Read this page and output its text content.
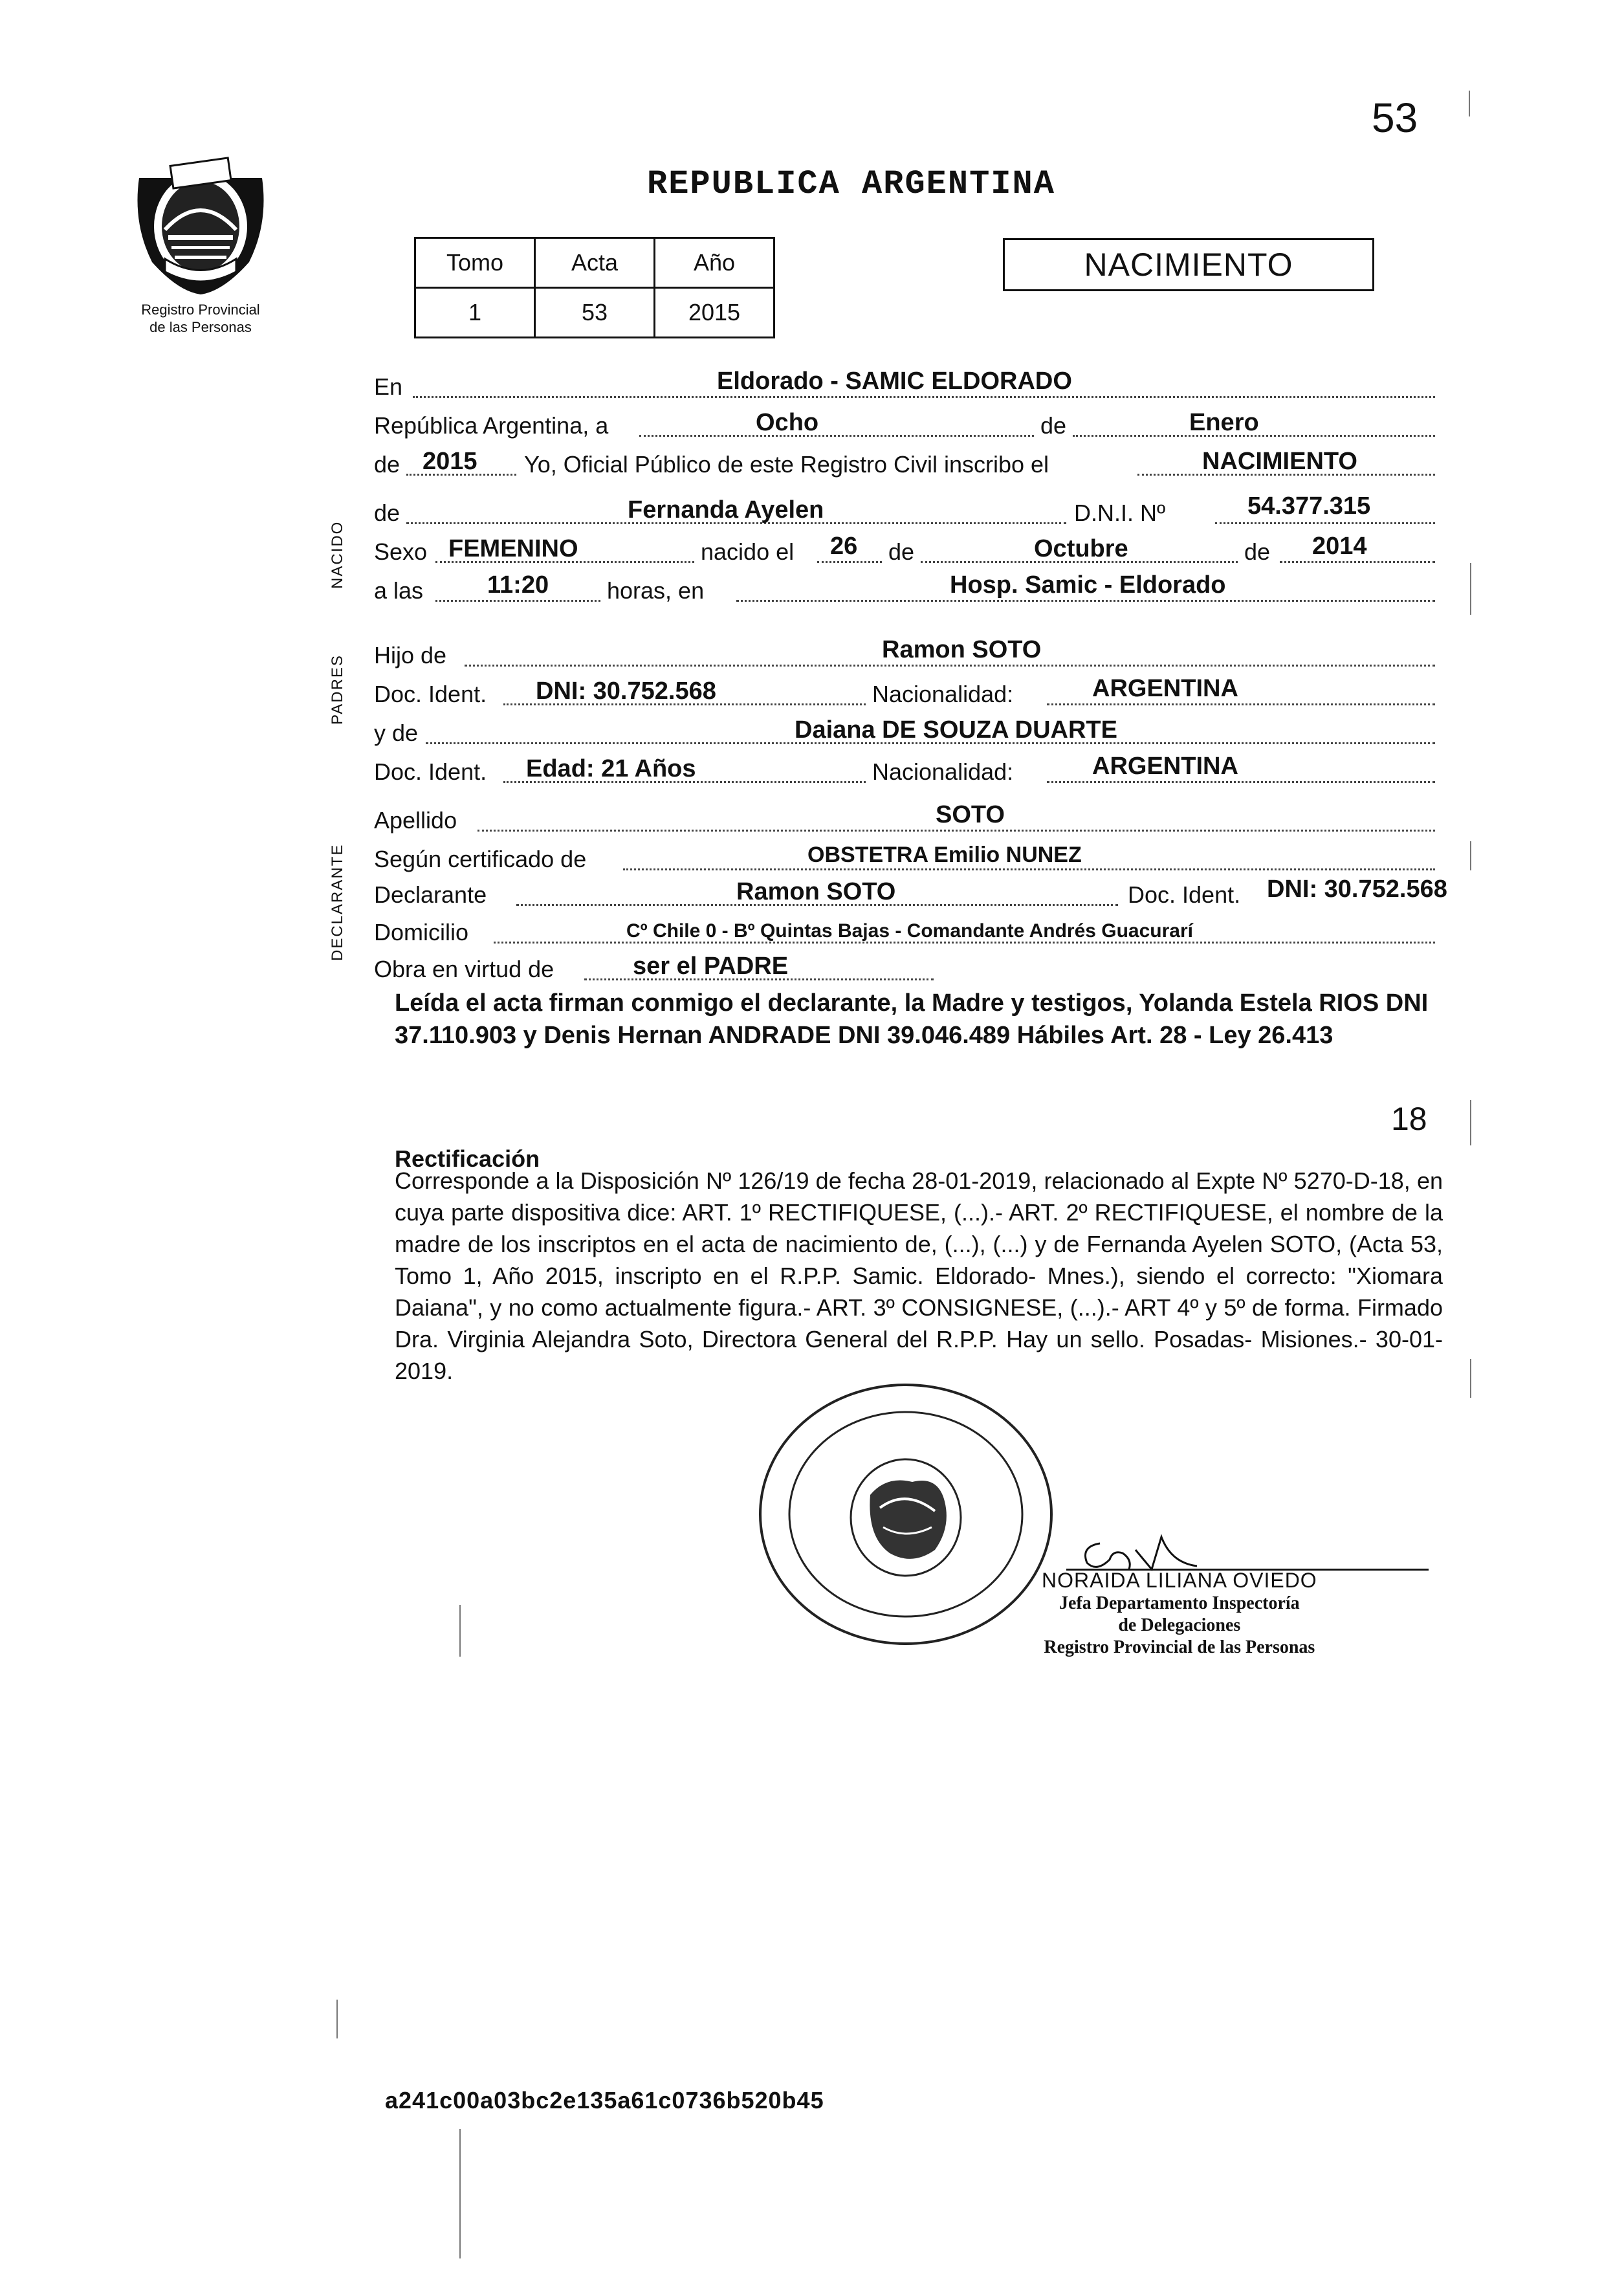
53
Registro Provincial
de las Personas
REPUBLICA ARGENTINA
Tomo	Acta	Año
1	53	2015
NACIMIENTO
NACIDO
PADRES
DECLARANTE
En	Eldorado - SAMIC ELDORADO
República Argentina, a	Ocho	de	Enero
de 2015 Yo, Oficial Público de este Registro Civil inscribo el	NACIMIENTO
de	Fernanda Ayelen	D.N.I. Nº	54.377.315
Sexo FEMENINO	nacido el 26 de	Octubre	de 2014
a las	11:20 horas, en	Hosp. Samic - Eldorado
Hijo de	Ramon SOTO
Doc. Ident. DNI: 30.752.568	Nacionalidad:	ARGENTINA
y de	Daiana DE SOUZA DUARTE
Doc. Ident. Edad: 21 Años	Nacionalidad:	ARGENTINA
Apellido	SOTO
Según certificado de	OBSTETRA Emilio NUNEZ
Declarante	Ramon SOTO	Doc. Ident. DNI: 30.752.568
Domicilio	Cº Chile 0 - Bº Quintas Bajas - Comandante Andrés Guacurarí
Obra en virtud de	ser el PADRE
Leída el acta firman conmigo el declarante, la Madre y testigos, Yolanda Estela RIOS DNI 37.110.903 y Denis Hernan ANDRADE DNI 39.046.489 Hábiles Art. 28 - Ley 26.413
18
Rectificación
Corresponde a la Disposición Nº 126/19 de fecha 28-01-2019, relacionado al Expte Nº 5270-D-18, en cuya parte dispositiva dice: ART. 1º RECTIFIQUESE, (...).- ART. 2º RECTIFIQUESE, el nombre de la madre de los inscriptos en el acta de nacimiento de, (...), (...) y de Fernanda Ayelen SOTO, (Acta 53, Tomo 1, Año 2015, inscripto en el R.P.P. Samic. Eldorado- Mnes.), siendo el correcto: "Xiomara Daiana", y no como actualmente figura.- ART. 3º CONSIGNESE, (...).- ART 4º y 5º de forma. Firmado Dra. Virginia Alejandra Soto, Directora General del R.P.P. Hay un sello. Posadas- Misiones.- 30-01-2019.
NORAIDA LILIANA OVIEDO
Jefa Departamento Inspectoría
de Delegaciones
Registro Provincial de las Personas
a241c00a03bc2e135a61c0736b520b45
